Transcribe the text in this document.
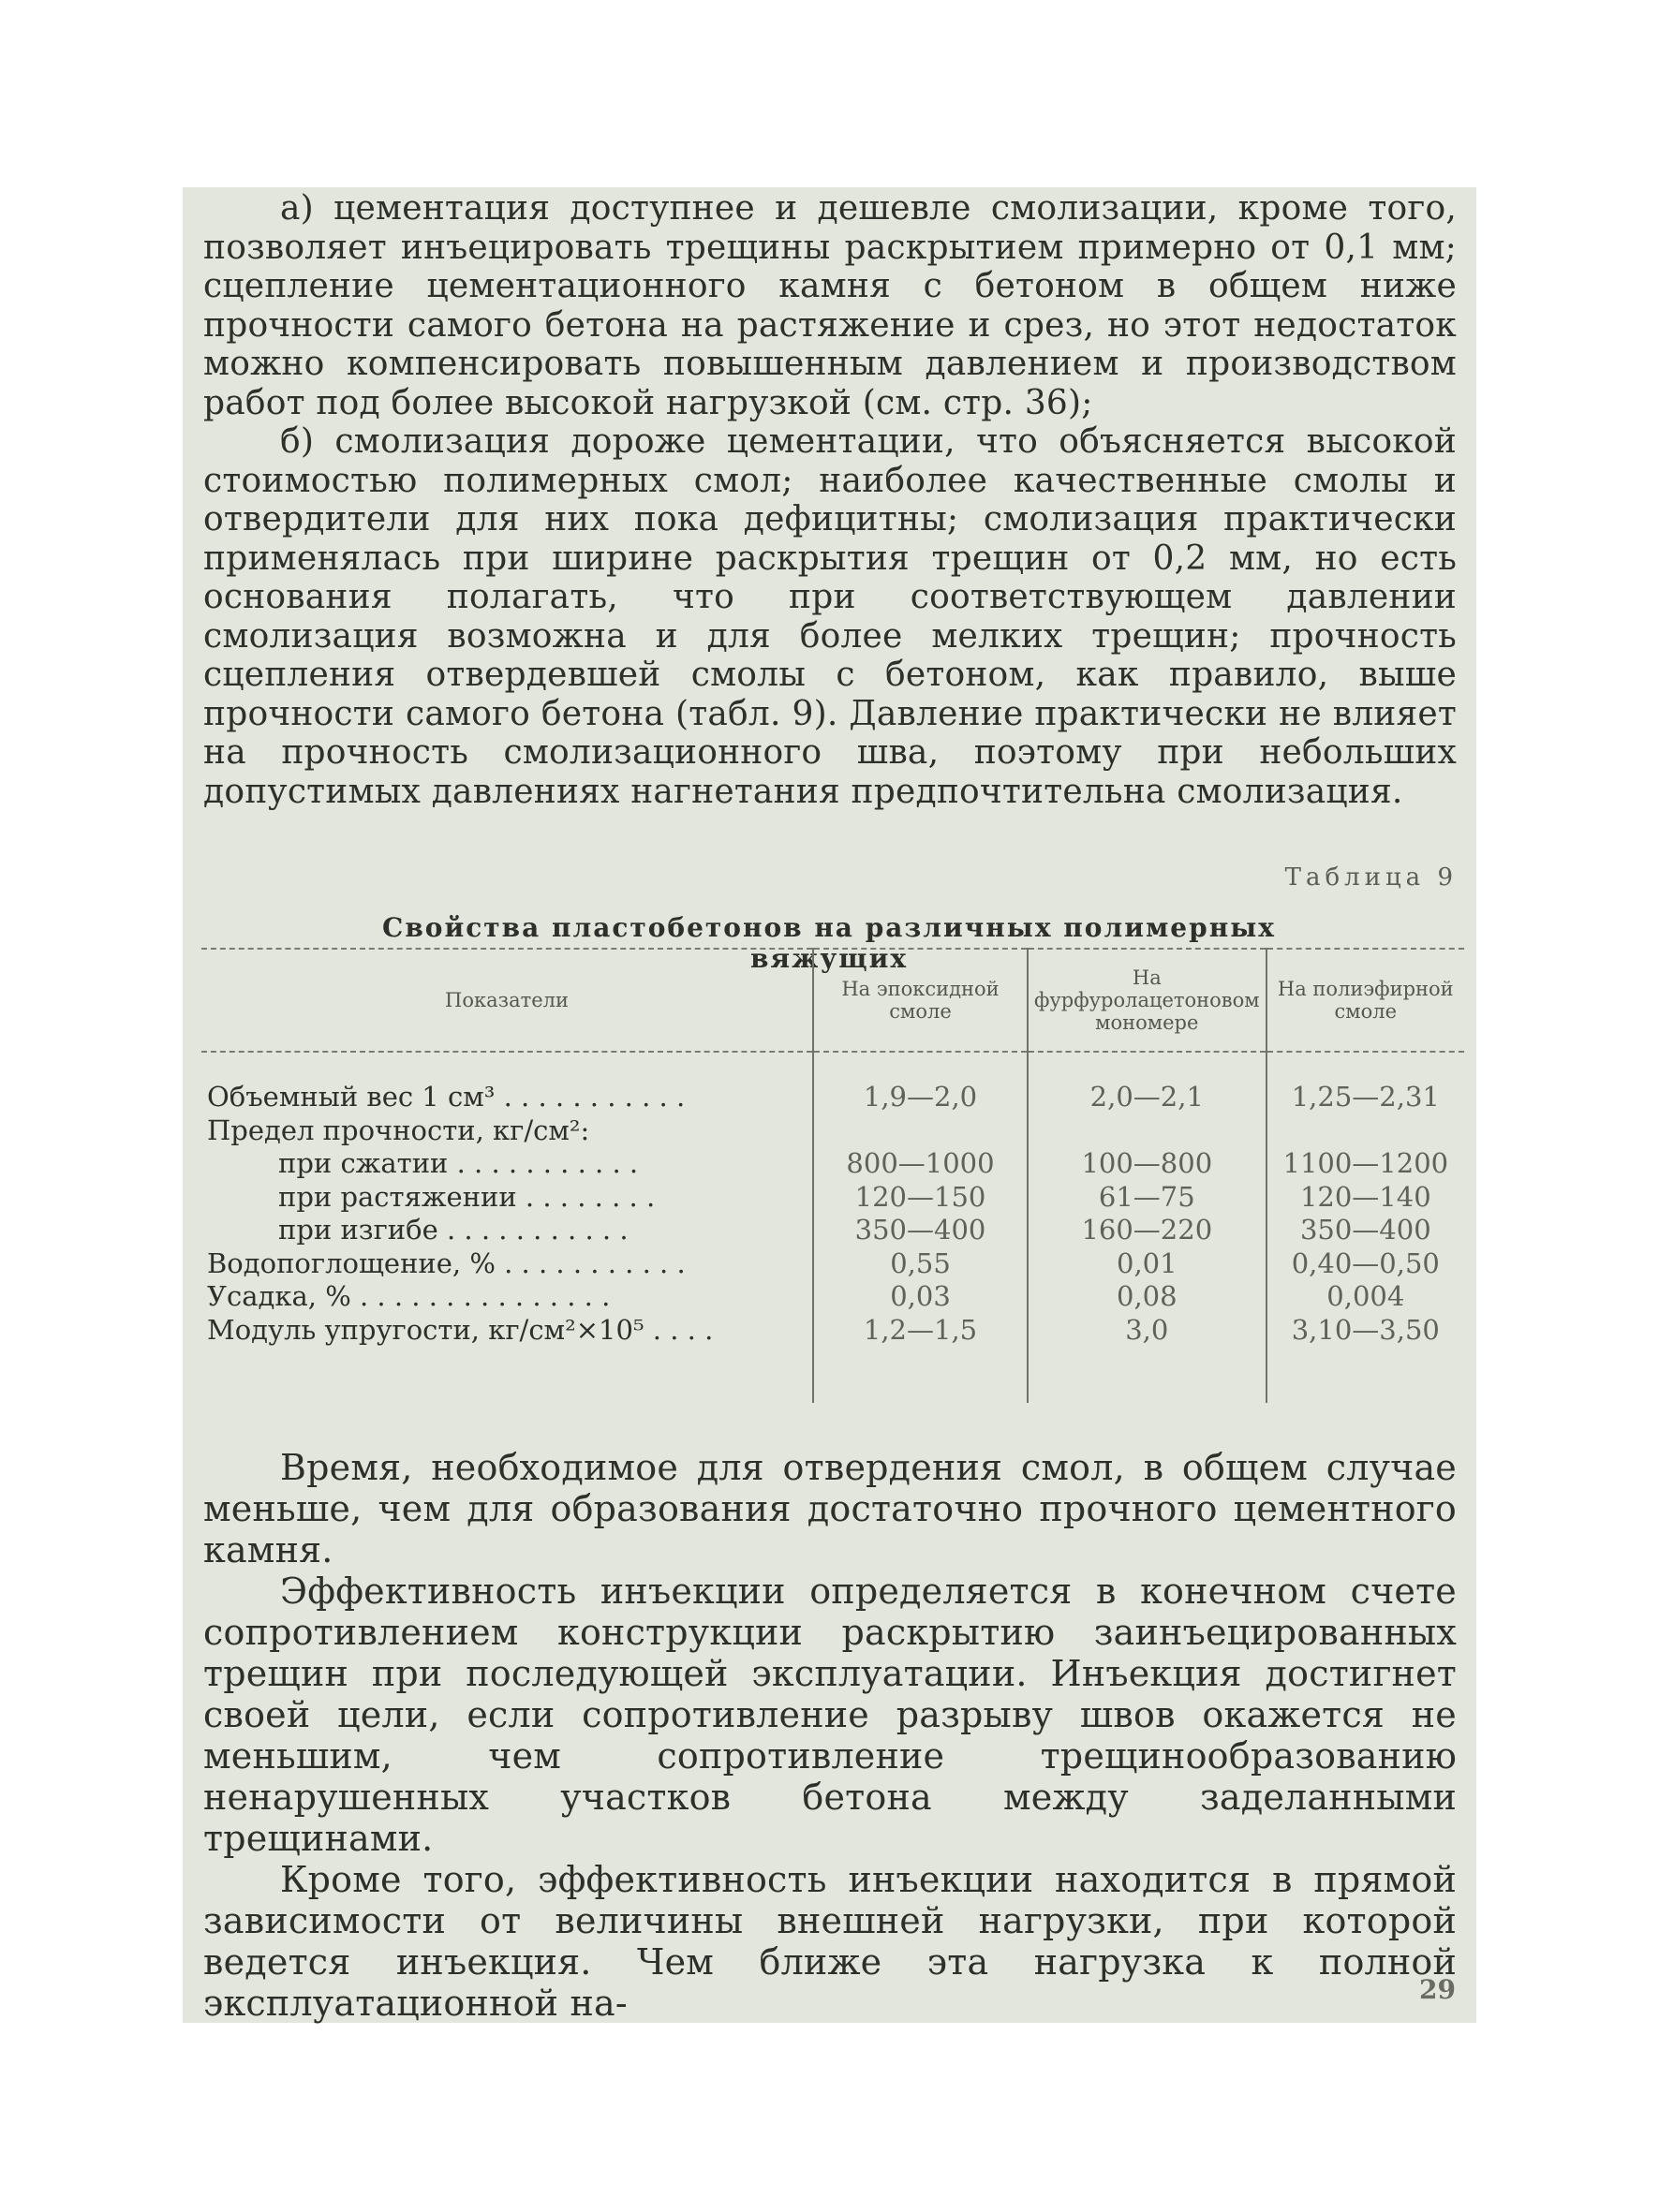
а) цементация доступнее и дешевле смолизации, кроме того, позволяет инъецировать трещины раскрытием примерно от 0,1 мм; сцепление цементационного камня с бетоном в общем ниже прочности самого бетона на растяжение и срез, но этот недостаток можно компенсировать повышенным давлением и производством работ под более высокой нагрузкой (см. стр. 36);

б) смолизация дороже цементации, что объясняется высокой стоимостью полимерных смол; наиболее качественные смолы и отвердители для них пока дефицитны; смолизация практически применялась при ширине раскрытия трещин от 0,2 мм, но есть основания полагать, что при соответствующем давлении смолизация возможна и для более мелких трещин; прочность сцепления отвердевшей смолы с бетоном, как правило, выше прочности самого бетона (табл. 9). Давление практически не влияет на прочность смолизационного шва, поэтому при небольших допустимых давлениях нагнетания предпочтительна смолизация.

Таблица 9
Свойства пластобетонов на различных полимерных вяжущих
Показатели	На эпоксидной смоле	На фурфуролацетоновом мономере	На полиэфирной смоле

Объемный вес 1 см³ . . . . . . . . . . .	1,9—2,0	2,0—2,1	1,25—2,31
Предел прочности, кг/см²:			
при сжатии . . . . . . . . . . .	800—1000	100—800	1100—1200
при растяжении . . . . . . . .	120—150	61—75	120—140
при изгибе . . . . . . . . . . .	350—400	160—220	350—400
Водопоглощение, % . . . . . . . . . . .	0,55	0,01	0,40—0,50
Усадка, % . . . . . . . . . . . . . . .	0,03	0,08	0,004
Модуль упругости, кг/см²×10⁵ . . . .	1,2—1,5	3,0	3,10—3,50

Время, необходимое для отвердения смол, в общем случае меньше, чем для образования достаточно прочного цементного камня.

Эффективность инъекции определяется в конечном счете сопротивлением конструкции раскрытию заинъецированных трещин при последующей эксплуатации. Инъекция достигнет своей цели, если сопротивление разрыву швов окажется не меньшим, чем сопротивление трещинообразованию ненарушенных участков бетона между заделанными трещинами.

Кроме того, эффективность инъекции находится в прямой зависимости от величины внешней нагрузки, при которой ведется инъекция. Чем ближе эта нагрузка к полной эксплуатационной на-	29
